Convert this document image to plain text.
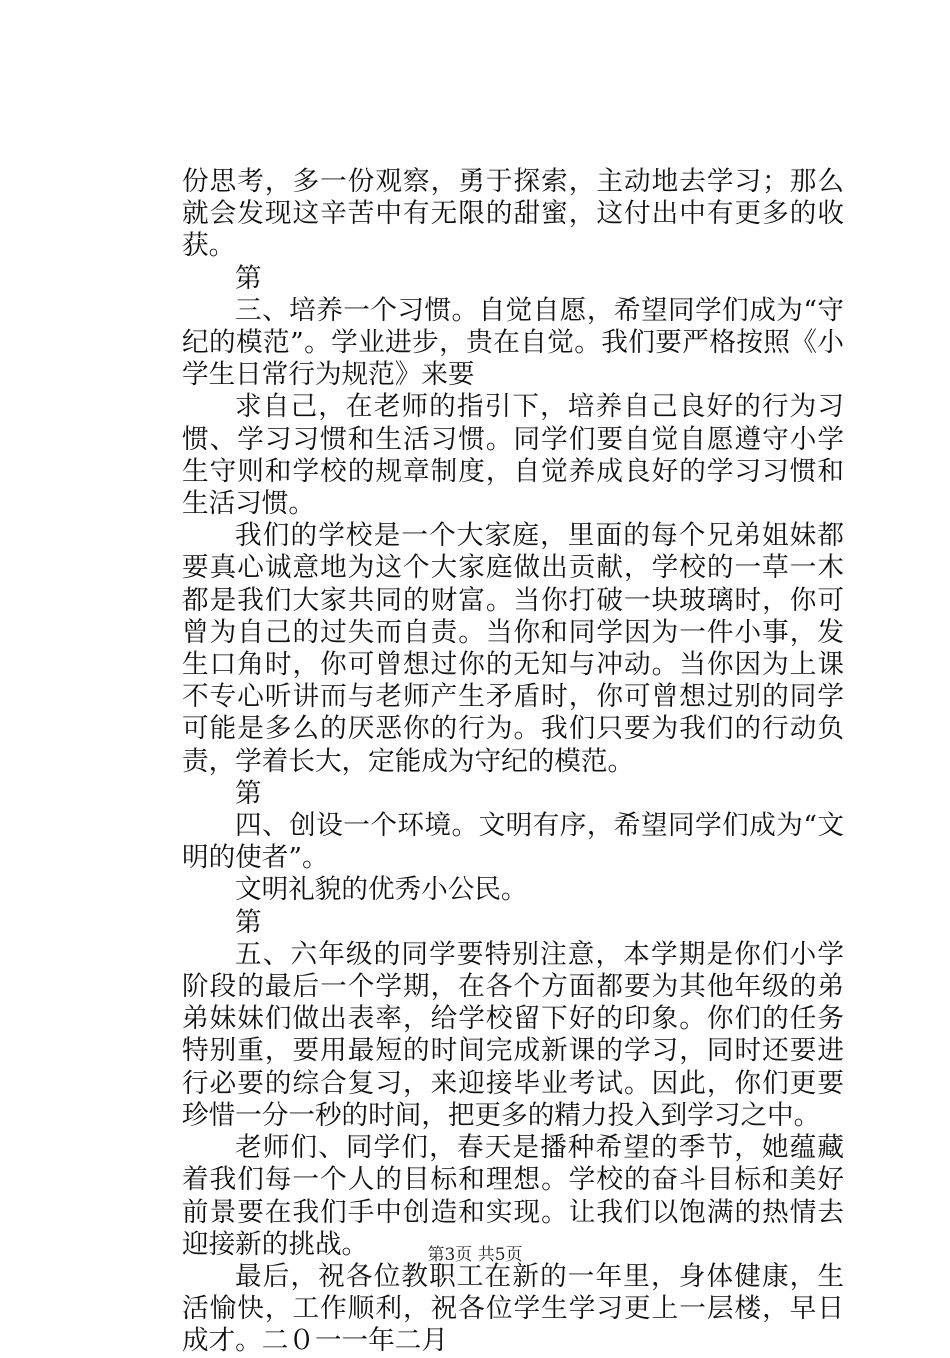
份思考，多一份观察，勇于探索，主动地去学习；那么就会发现这辛苦中有无限的甜蜜，这付出中有更多的收获。

第

三、培养一个习惯。自觉自愿，希望同学们成为“守纪的模范”。学业进步，贵在自觉。我们要严格按照《小学生日常行为规范》来要

求自己，在老师的指引下，培养自己良好的行为习惯、学习习惯和生活习惯。同学们要自觉自愿遵守小学生守则和学校的规章制度，自觉养成良好的学习习惯和生活习惯。

我们的学校是一个大家庭，里面的每个兄弟姐妹都要真心诚意地为这个大家庭做出贡献，学校的一草一木都是我们大家共同的财富。当你打破一块玻璃时，你可曾为自己的过失而自责。当你和同学因为一件小事，发生口角时，你可曾想过你的无知与冲动。当你因为上课不专心听讲而与老师产生矛盾时，你可曾想过别的同学可能是多么的厌恶你的行为。我们只要为我们的行动负责，学着长大，定能成为守纪的模范。

第

四、创设一个环境。文明有序，希望同学们成为“文明的使者”。

文明礼貌的优秀小公民。

第

五、六年级的同学要特别注意，本学期是你们小学阶段的最后一个学期，在各个方面都要为其他年级的弟弟妹妹们做出表率，给学校留下好的印象。你们的任务特别重，要用最短的时间完成新课的学习，同时还要进行必要的综合复习，来迎接毕业考试。因此，你们更要珍惜一分一秒的时间，把更多的精力投入到学习之中。

老师们、同学们，春天是播种希望的季节，她蕴藏着我们每一个人的目标和理想。学校的奋斗目标和美好前景要在我们手中创造和实现。让我们以饱满的热情去迎接新的挑战。

最后，祝各位教职工在新的一年里，身体健康，生活愉快，工作顺利，祝各位学生学习更上一层楼，早日成才。二０一一年二月

第3页 共5页
